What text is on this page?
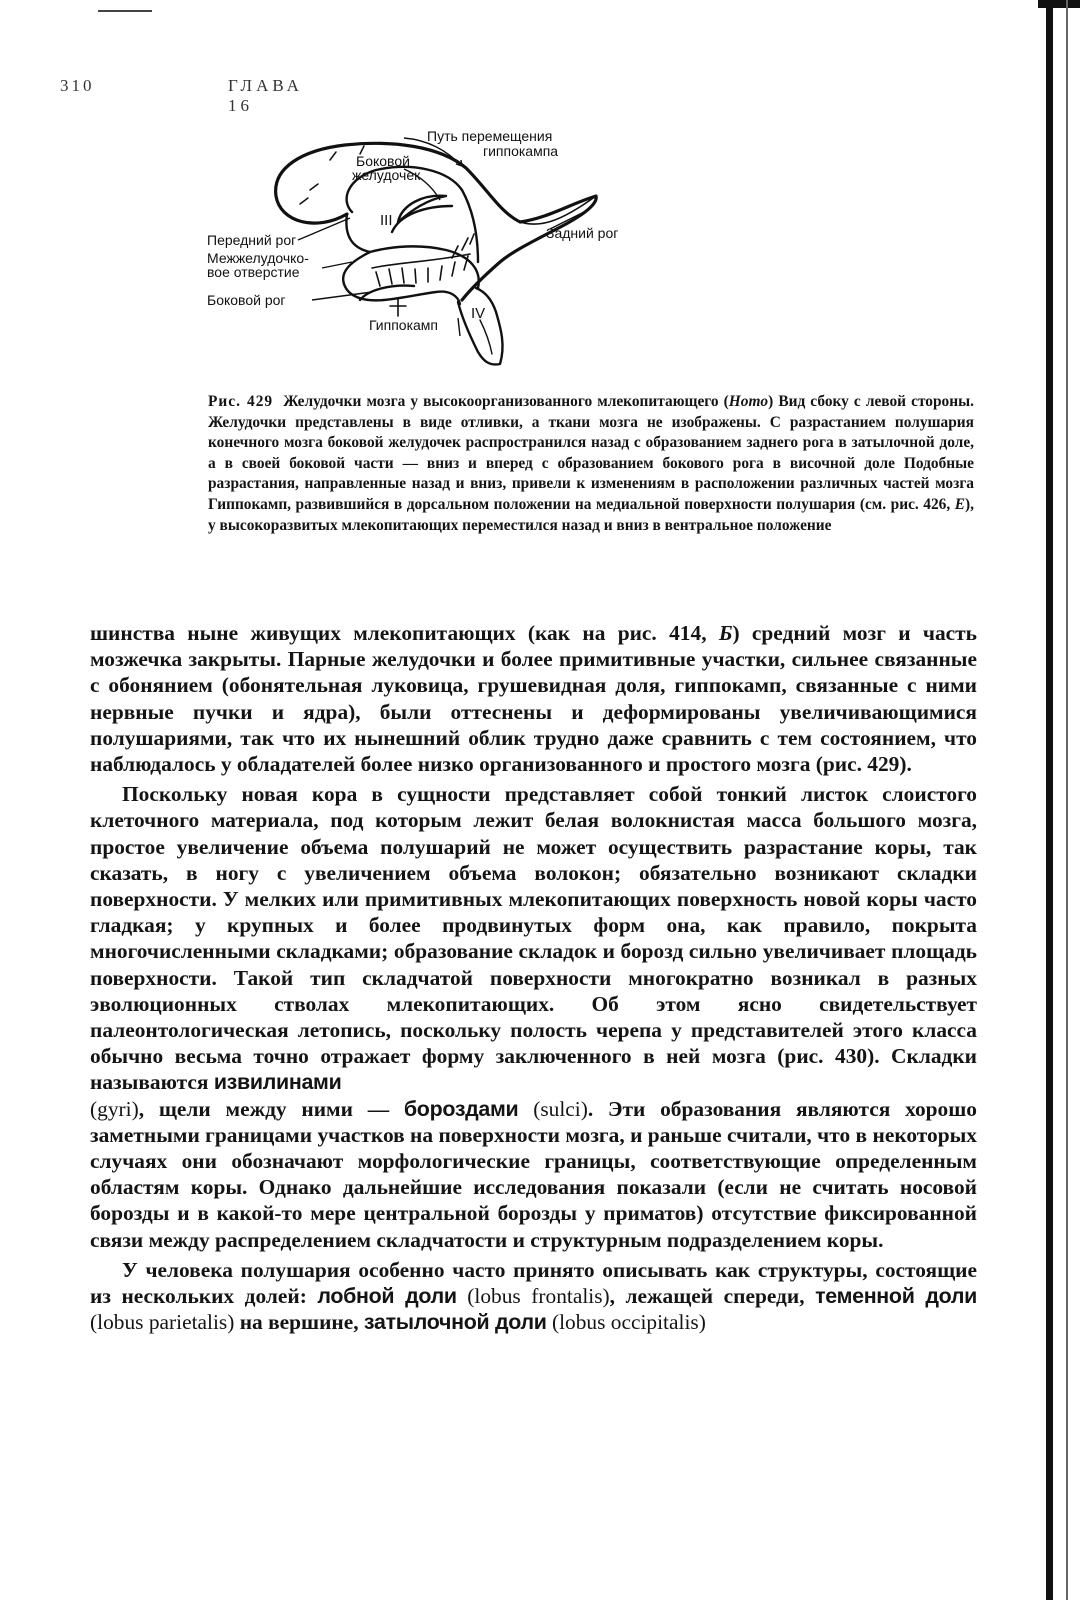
310	ГЛАВА 16
Путь перемещения
гиппокампа
Боковой
желудочек
III
Передний рог
Межжелудочко-
вое отверстие
Боковой рог
Задний рог
Гиппокамп
IV

Рис. 429 Желудочки мозга у высокоорганизованного млекопитающего (Homo) Вид сбоку с левой стороны. Желудочки представлены в виде отливки, а ткани мозга не изображены. С разрастанием полушария конечного мозга боковой желудочек распространился назад с образованием заднего рога в затылочной доле, а в своей боковой части — вниз и вперед с образованием бокового рога в височной доле Подобные разрастания, направленные назад и вниз, привели к изменениям в расположении различных частей мозга Гиппокамп, развившийся в дорсальном положении на медиальной поверхности полушария (см. рис. 426, Е), у высокоразвитых млекопитающих переместился назад и вниз в вентральное положение

шинства ныне живущих млекопитающих (как на рис. 414, Б) средний мозг и часть мозжечка закрыты. Парные желудочки и более примитивные участки, сильнее связанные с обонянием (обонятельная луковица, грушевидная доля, гиппокамп, связанные с ними нервные пучки и ядра), были оттеснены и деформированы увеличивающимися полушариями, так что их нынешний облик трудно даже сравнить с тем состоянием, что наблюдалось у обладателей более низко организованного и простого мозга (рис. 429).

Поскольку новая кора в сущности представляет собой тонкий листок слоистого клеточного материала, под которым лежит белая волокнистая масса большого мозга, простое увеличение объема полушарий не может осуществить разрастание коры, так сказать, в ногу с увеличением объема волокон; обязательно возникают складки поверхности. У мелких или примитивных млекопитающих поверхность новой коры часто гладкая; у крупных и более продвинутых форм она, как правило, покрыта многочисленными складками; образование складок и борозд сильно увеличивает площадь поверхности. Такой тип складчатой поверхности многократно возникал в разных эволюционных стволах млекопитающих. Об этом ясно свидетельствует палеонтологическая летопись, поскольку полость черепа у представителей этого класса обычно весьма точно отражает форму заключенного в ней мозга (рис. 430). Складки называются извилинами
(gyri), щели между ними — бороздами (sulci). Эти образования являются хорошо заметными границами участков на поверхности мозга, и раньше считали, что в некоторых случаях они обозначают морфологические границы, соответствующие определенным областям коры. Однако дальнейшие исследования показали (если не считать носовой борозды и в какой-то мере центральной борозды у приматов) отсутствие фиксированной связи между распределением складчатости и структурным подразделением коры.

У человека полушария особенно часто принято описывать как структуры, состоящие из нескольких долей: лобной доли (lobus frontalis), лежащей спереди, теменной доли (lobus parietalis) на вершине, затылочной доли (lobus occipitalis)
